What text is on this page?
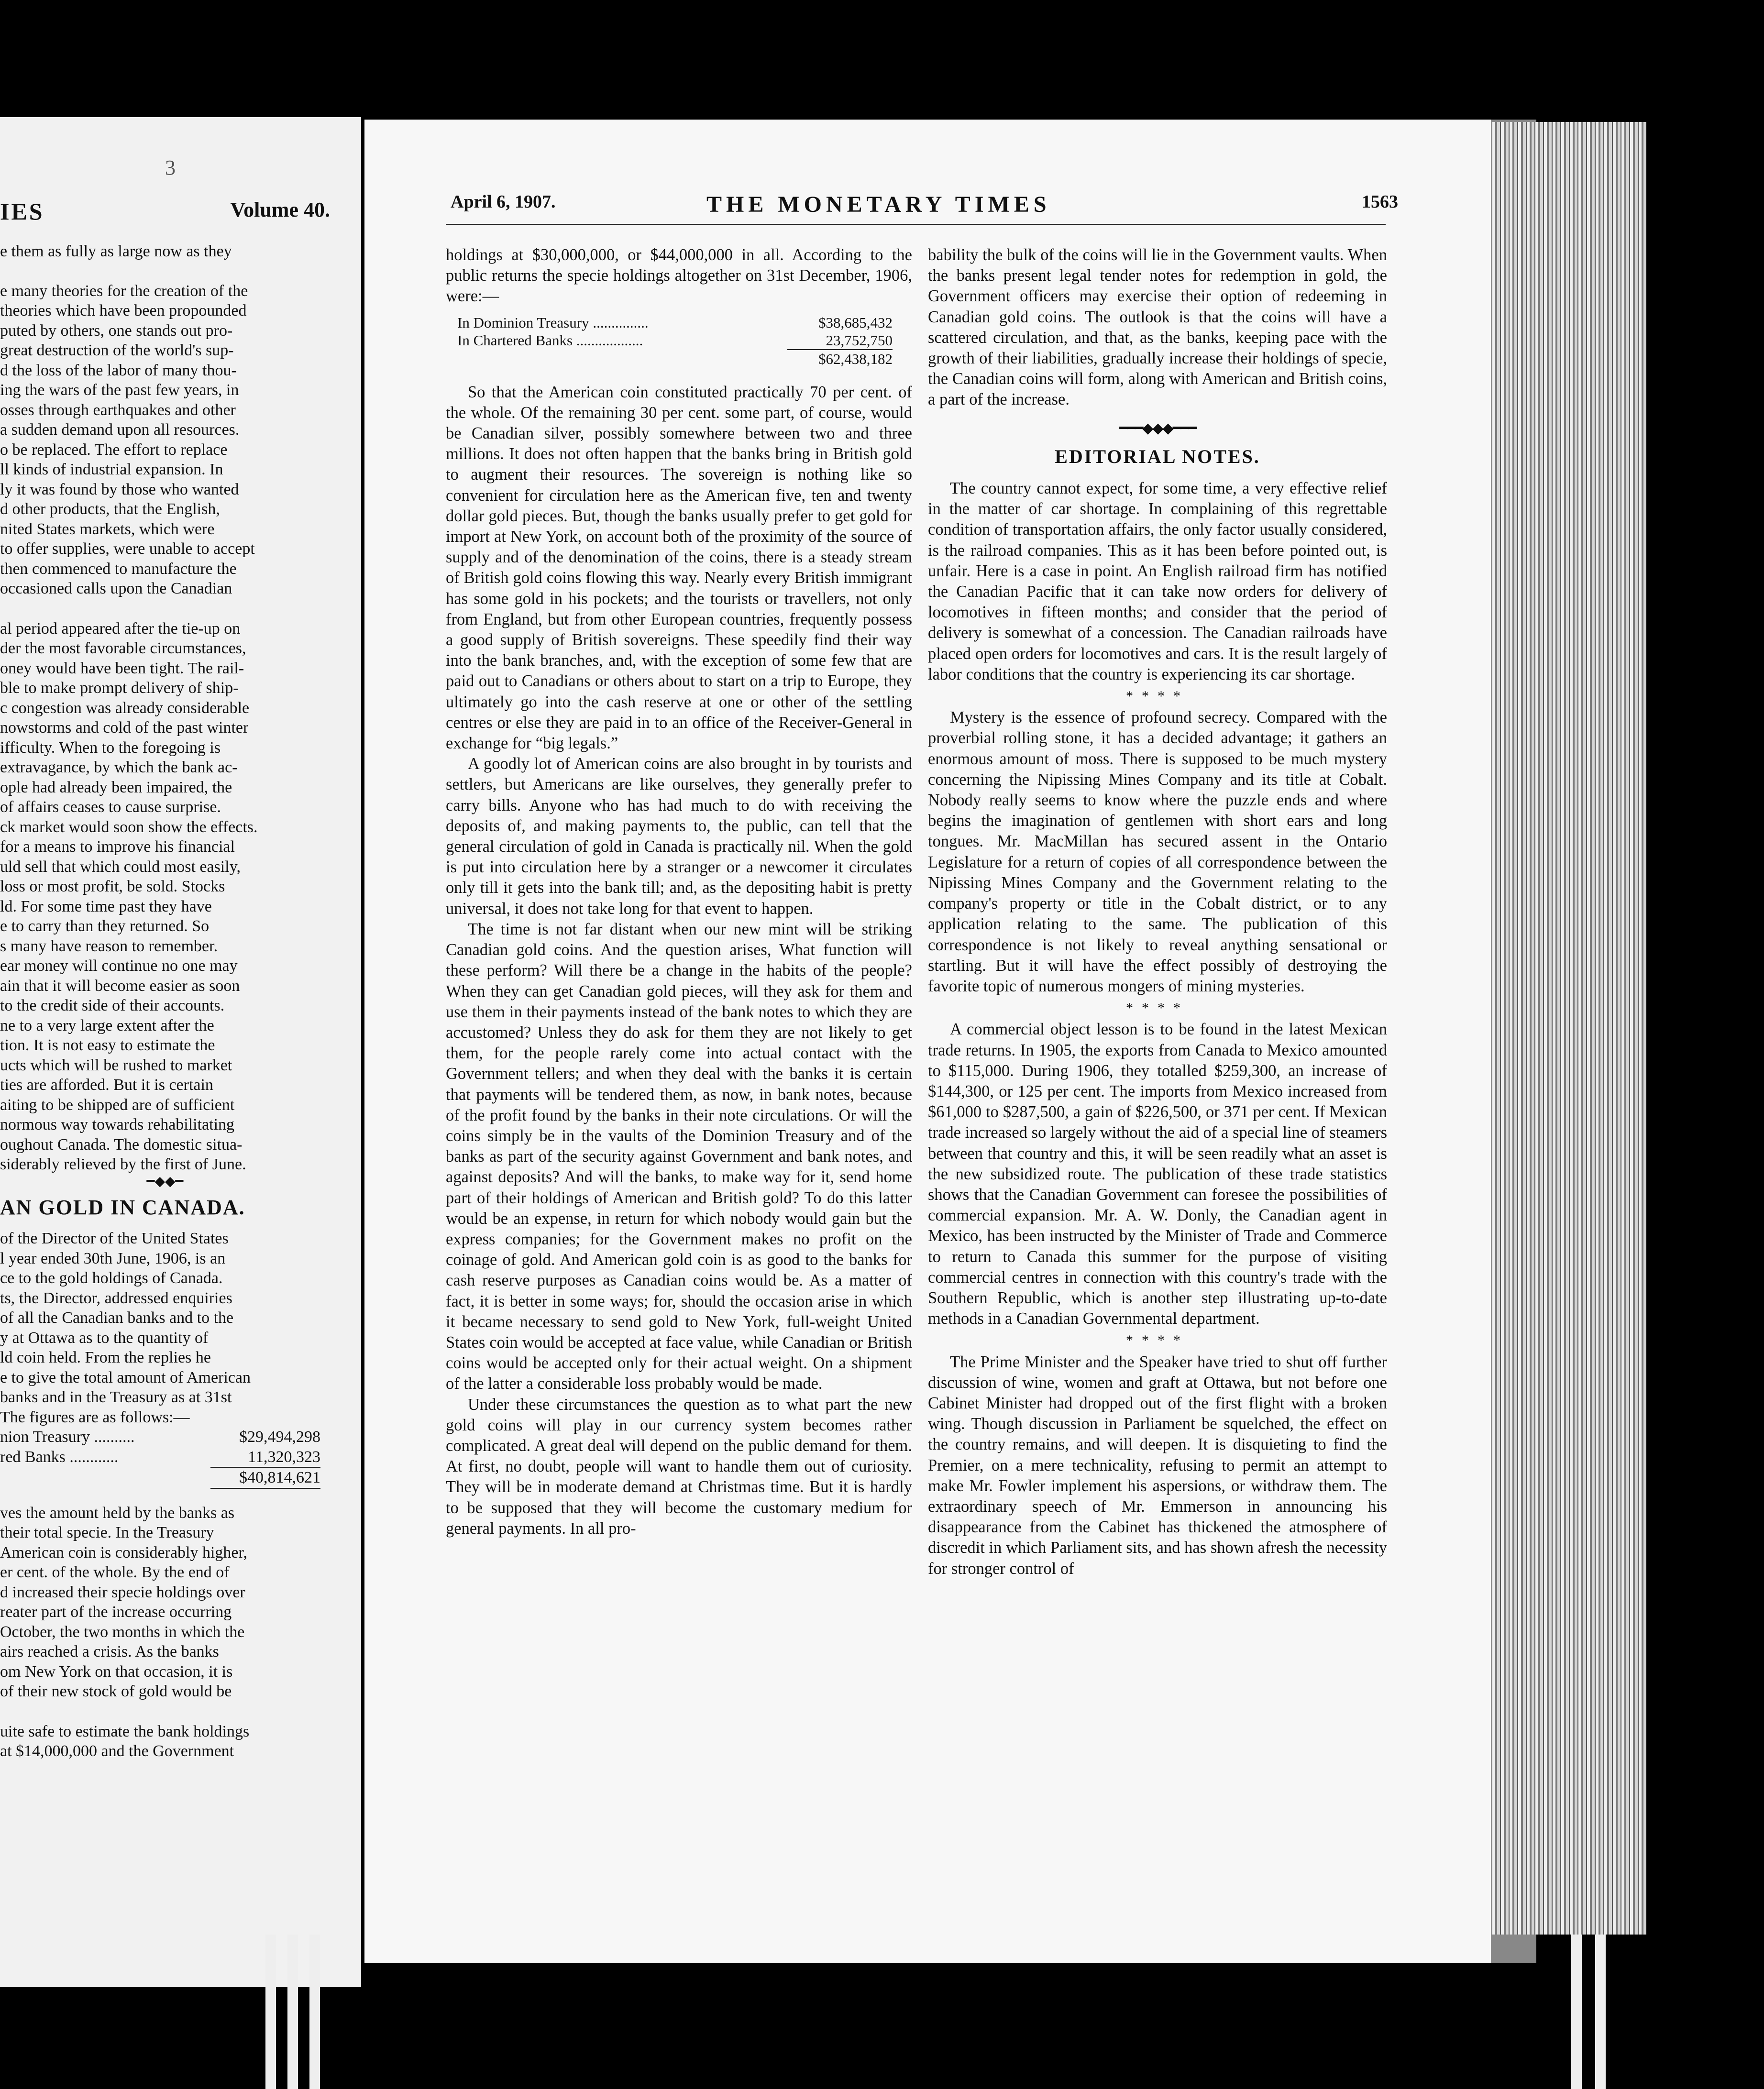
3
IES	Volume 40.
e them as fully as large now as they
e many theories for the creation of the
theories which have been propounded
puted by others, one stands out pro-
great destruction of the world's sup-
d the loss of the labor of many thou-
ing the wars of the past few years, in
osses through earthquakes and other
a sudden demand upon all resources.
o be replaced. The effort to replace
ll kinds of industrial expansion. In
ly it was found by those who wanted
d other products, that the English,
nited States markets, which were
to offer supplies, were unable to accept
then commenced to manufacture the
occasioned calls upon the Canadian
al period appeared after the tie-up on
der the most favorable circumstances,
oney would have been tight. The rail-
ble to make prompt delivery of ship-
c congestion was already considerable
nowstorms and cold of the past winter
ifficulty. When to the foregoing is
extravagance, by which the bank ac-
ople had already been impaired, the
of affairs ceases to cause surprise.
ck market would soon show the effects.
for a means to improve his financial
uld sell that which could most easily,
loss or most profit, be sold. Stocks
ld. For some time past they have
e to carry than they returned. So
s many have reason to remember.
ear money will continue no one may
ain that it will become easier as soon
to the credit side of their accounts.
ne to a very large extent after the
tion. It is not easy to estimate the
ucts which will be rushed to market
ties are afforded. But it is certain
aiting to be shipped are of sufficient
normous way towards rehabilitating
oughout Canada. The domestic situa-
siderably relieved by the first of June.
━◆◆━
AN GOLD IN CANADA.
of the Director of the United States
l year ended 30th June, 1906, is an
ce to the gold holdings of Canada.
ts, the Director, addressed enquiries
of all the Canadian banks and to the
y at Ottawa as to the quantity of
ld coin held. From the replies he
e to give the total amount of American
banks and in the Treasury as at 31st
The figures are as follows:—
nion Treasury ..........	$29,494,298
red Banks ............	11,320,323
$40,814,621
ves the amount held by the banks as
their total specie. In the Treasury
American coin is considerably higher,
er cent. of the whole. By the end of
d increased their specie holdings over
reater part of the increase occurring
October, the two months in which the
airs reached a crisis. As the banks
om New York on that occasion, it is
of their new stock of gold would be
uite safe to estimate the bank holdings
at $14,000,000 and the Government
April 6, 1907.	THE MONETARY TIMES	1563

holdings at $30,000,000, or $44,000,000 in all. According to the public returns the specie holdings altogether on 31st December, 1906, were:—

In Dominion Treasury ...............	$38,685,432
In Chartered Banks ..................	23,752,750
$62,438,182

So that the American coin constituted practically 70 per cent. of the whole. Of the remaining 30 per cent. some part, of course, would be Canadian silver, possibly somewhere between two and three millions. It does not often happen that the banks bring in British gold to augment their resources. The sovereign is nothing like so convenient for circulation here as the American five, ten and twenty dollar gold pieces. But, though the banks usually prefer to get gold for import at New York, on account both of the proximity of the source of supply and of the denomination of the coins, there is a steady stream of British gold coins flowing this way. Nearly every British immigrant has some gold in his pockets; and the tourists or travellers, not only from England, but from other European countries, frequently possess a good supply of British sovereigns. These speedily find their way into the bank branches, and, with the exception of some few that are paid out to Canadians or others about to start on a trip to Europe, they ultimately go into the cash reserve at one or other of the settling centres or else they are paid in to an office of the Receiver-General in exchange for “big legals.”

A goodly lot of American coins are also brought in by tourists and settlers, but Americans are like ourselves, they generally prefer to carry bills. Anyone who has had much to do with receiving the deposits of, and making payments to, the public, can tell that the general circulation of gold in Canada is practically nil. When the gold is put into circulation here by a stranger or a newcomer it circulates only till it gets into the bank till; and, as the depositing habit is pretty universal, it does not take long for that event to happen.

The time is not far distant when our new mint will be striking Canadian gold coins. And the question arises, What function will these perform? Will there be a change in the habits of the people? When they can get Canadian gold pieces, will they ask for them and use them in their payments instead of the bank notes to which they are accustomed? Unless they do ask for them they are not likely to get them, for the people rarely come into actual contact with the Government tellers; and when they deal with the banks it is certain that payments will be tendered them, as now, in bank notes, because of the profit found by the banks in their note circulations. Or will the coins simply be in the vaults of the Dominion Treasury and of the banks as part of the security against Government and bank notes, and against deposits? And will the banks, to make way for it, send home part of their holdings of American and British gold? To do this latter would be an expense, in return for which nobody would gain but the express companies; for the Government makes no profit on the coinage of gold. And American gold coin is as good to the banks for cash reserve purposes as Canadian coins would be. As a matter of fact, it is better in some ways; for, should the occasion arise in which it became necessary to send gold to New York, full-weight United States coin would be accepted at face value, while Canadian or British coins would be accepted only for their actual weight. On a shipment of the latter a considerable loss probably would be made.

Under these circumstances the question as to what part the new gold coins will play in our currency system becomes rather complicated. A great deal will depend on the public demand for them. At first, no doubt, people will want to handle them out of curiosity. They will be in moderate demand at Christmas time. But it is hardly to be supposed that they will become the customary medium for general payments. In all pro-

bability the bulk of the coins will lie in the Government vaults. When the banks present legal tender notes for redemption in gold, the Government officers may exercise their option of redeeming in Canadian gold coins. The outlook is that the coins will have a scattered circulation, and that, as the banks, keeping pace with the growth of their liabilities, gradually increase their holdings of specie, the Canadian coins will form, along with American and British coins, a part of the increase.

━━━◆◆◆━━━
EDITORIAL NOTES.

The country cannot expect, for some time, a very effective relief in the matter of car shortage. In complaining of this regrettable condition of transportation affairs, the only factor usually considered, is the railroad companies. This as it has been before pointed out, is unfair. Here is a case in point. An English railroad firm has notified the Canadian Pacific that it can take now orders for delivery of locomotives in fifteen months; and consider that the period of delivery is somewhat of a concession. The Canadian railroads have placed open orders for locomotives and cars. It is the result largely of labor conditions that the country is experiencing its car shortage.

****

Mystery is the essence of profound secrecy. Compared with the proverbial rolling stone, it has a decided advantage; it gathers an enormous amount of moss. There is supposed to be much mystery concerning the Nipissing Mines Company and its title at Cobalt. Nobody really seems to know where the puzzle ends and where begins the imagination of gentlemen with short ears and long tongues. Mr. MacMillan has secured assent in the Ontario Legislature for a return of copies of all correspondence between the Nipissing Mines Company and the Government relating to the company's property or title in the Cobalt district, or to any application relating to the same. The publication of this correspondence is not likely to reveal anything sensational or startling. But it will have the effect possibly of destroying the favorite topic of numerous mongers of mining mysteries.

****

A commercial object lesson is to be found in the latest Mexican trade returns. In 1905, the exports from Canada to Mexico amounted to $115,000. During 1906, they totalled $259,300, an increase of $144,300, or 125 per cent. The imports from Mexico increased from $61,000 to $287,500, a gain of $226,500, or 371 per cent. If Mexican trade increased so largely without the aid of a special line of steamers between that country and this, it will be seen readily what an asset is the new subsidized route. The publication of these trade statistics shows that the Canadian Government can foresee the possibilities of commercial expansion. Mr. A. W. Donly, the Canadian agent in Mexico, has been instructed by the Minister of Trade and Commerce to return to Canada this summer for the purpose of visiting commercial centres in connection with this country's trade with the Southern Republic, which is another step illustrating up-to-date methods in a Canadian Governmental department.

****

The Prime Minister and the Speaker have tried to shut off further discussion of wine, women and graft at Ottawa, but not before one Cabinet Minister had dropped out of the first flight with a broken wing. Though discussion in Parliament be squelched, the effect on the country remains, and will deepen. It is disquieting to find the Premier, on a mere technicality, refusing to permit an attempt to make Mr. Fowler implement his aspersions, or withdraw them. The extraordinary speech of Mr. Emmerson in announcing his disappearance from the Cabinet has thickened the atmosphere of discredit in which Parliament sits, and has shown afresh the necessity for stronger control of
